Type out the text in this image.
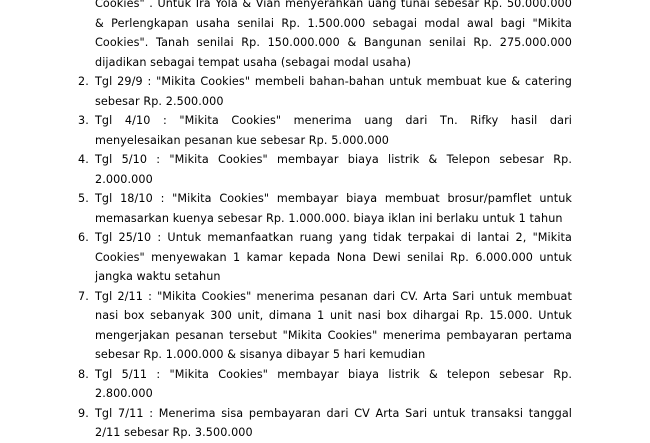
Cookies" . Untuk Ira Yola & Vian menyerahkan uang tunai sebesar Rp. 50.000.000
& Perlengkapan usaha senilai Rp. 1.500.000 sebagai modal awal bagi "Mikita
Cookies". Tanah senilai Rp. 150.000.000 & Bangunan senilai Rp. 275.000.000
dijadikan sebagai tempat usaha (sebagai modal usaha)
2. Tgl 29/9 : "Mikita Cookies" membeli bahan-bahan untuk membuat kue & catering
sebesar Rp. 2.500.000
3. Tgl 4/10 : "Mikita Cookies" menerima uang dari Tn. Rifky hasil dari
menyelesaikan pesanan kue sebesar Rp. 5.000.000
4. Tgl 5/10 : "Mikita Cookies" membayar biaya listrik & Telepon sebesar Rp.
2.000.000
5. Tgl 18/10 : "Mikita Cookies" membayar biaya membuat brosur/pamflet untuk
memasarkan kuenya sebesar Rp. 1.000.000. biaya iklan ini berlaku untuk 1 tahun
6. Tgl 25/10 : Untuk memanfaatkan ruang yang tidak terpakai di lantai 2, "Mikita
Cookies" menyewakan 1 kamar kepada Nona Dewi senilai Rp. 6.000.000 untuk
jangka waktu setahun
7. Tgl 2/11 : "Mikita Cookies" menerima pesanan dari CV. Arta Sari untuk membuat
nasi box sebanyak 300 unit, dimana 1 unit nasi box dihargai Rp. 15.000. Untuk
mengerjakan pesanan tersebut "Mikita Cookies" menerima pembayaran pertama
sebesar Rp. 1.000.000 & sisanya dibayar 5 hari kemudian
8. Tgl 5/11 : "Mikita Cookies" membayar biaya listrik & telepon sebesar Rp.
2.800.000
9. Tgl 7/11 : Menerima sisa pembayaran dari CV Arta Sari untuk transaksi tanggal
2/11 sebesar Rp. 3.500.000
